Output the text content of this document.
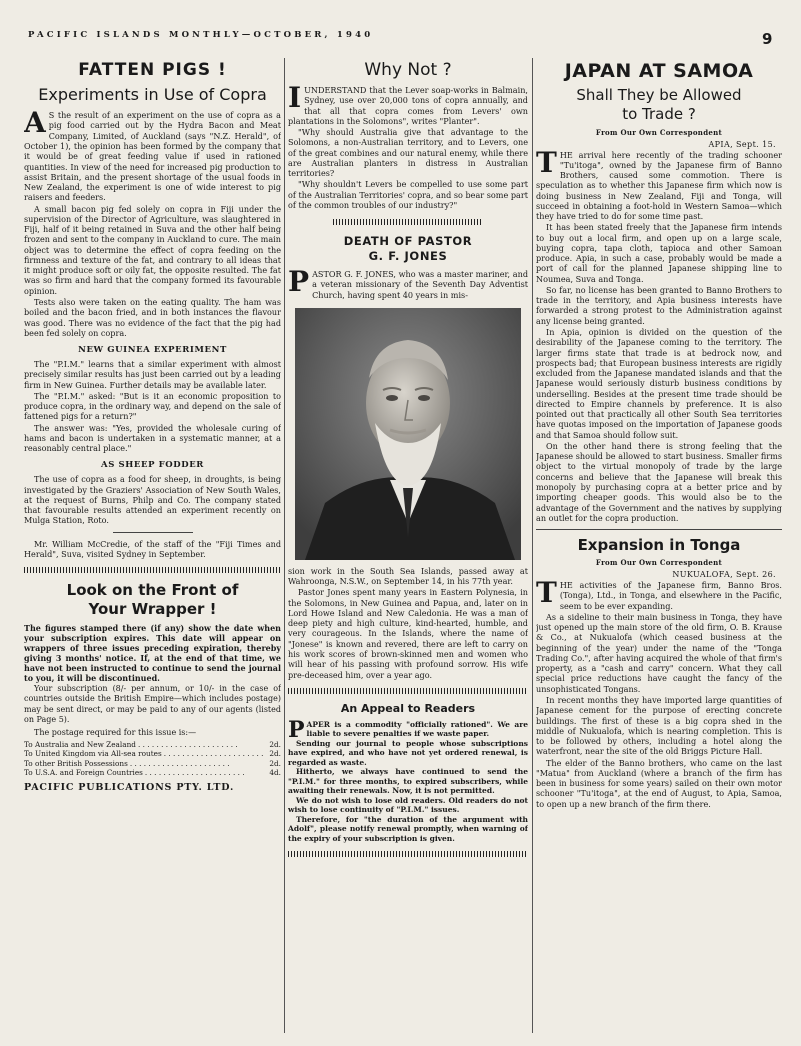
PACIFIC ISLANDS MONTHLY—OCTOBER, 1940	9
FATTEN PIGS !
Experiments in Use of Copra

A S the result of an experiment on the use of copra as a pig food carried out by the Hydra Bacon and Meat Company, Limited, of Auckland (says "N.Z. Herald", of October 1), the opinion has been formed by the company that it would be of great feeding value if used in rationed quantities. In view of the need for increased pig production to assist Britain, and the present shortage of the usual foods in New Zealand, the experiment is one of wide interest to pig raisers and feeders.

A small bacon pig fed solely on copra in Fiji under the supervision of the Director of Agriculture, was slaughtered in Fiji, half of it being retained in Suva and the other half being frozen and sent to the company in Auckland to cure. The main object was to determine the effect of copra feeding on the firmness and texture of the fat, and contrary to all ideas that it might produce soft or oily fat, the opposite resulted. The fat was so firm and hard that the company formed its favourable opinion.

Tests also were taken on the eating quality. The ham was boiled and the bacon fried, and in both instances the flavour was good. There was no evidence of the fact that the pig had been fed solely on copra.

NEW GUINEA EXPERIMENT

The "P.I.M." learns that a similar experiment with almost precisely similar results has just been carried out by a leading firm in New Guinea. Further details may be available later.

The "P.I.M." asked: "But is it an economic proposition to produce copra, in the ordinary way, and depend on the sale of fattened pigs for a return?"

The answer was: "Yes, provided the wholesale curing of hams and bacon is undertaken in a systematic manner, at a reasonably central place."

AS SHEEP FODDER

The use of copra as a food for sheep, in droughts, is being investigated by the Graziers' Association of New South Wales, at the request of Burns, Philp and Co. The company stated that favourable results attended an experiment recently on Mulga Station, Roto.

Mr. William McCredie, of the staff of the "Fiji Times and Herald", Suva, visited Sydney in September.

Look on the Front of
Your Wrapper !

The figures stamped there (if any) show the date when your subscription expires. This date will appear on wrappers of three issues preceding expiration, thereby giving 3 months' notice. If, at the end of that time, we have not been instructed to continue to send the journal to you, it will be discontinued.

Your subscription (8/- per annum, or 10/- in the case of countries outside the British Empire—which includes postage) may be sent direct, or may be paid to any of our agents (listed on Page 5).

The postage required for this issue is:—

To Australia and New Zealand . . . . . . . . . . . . . . . . . . . . . .	2d.
To United Kingdom via All-sea routes . . . . . . . . . . . . . . . . . . . . . . 2d.
To other British Possessions . . . . . . . . . . . . . . . . . . . . . .	2d.
To U.S.A. and Foreign Countries . . . . . . . . . . . . . . . . . . . . . .	4d.
PACIFIC PUBLICATIONS PTY. LTD.
Why Not ?

IUNDERSTAND that the Lever soap-works in Balmain, Sydney, use over 20,000 tons of copra annually, and that all that copra comes from Levers' own plantations in the Solomons", writes "Planter".

"Why should Australia give that advantage to the Solomons, a non-Australian territory, and to Levers, one of the great combines and our natural enemy, while there are Australian planters in distress in Australian territories?

"Why shouldn't Levers be compelled to use some part of the Australian Territories' copra, and so bear some part of the common troubles of our industry?"

DEATH OF PASTOR
G. F. JONES

PASTOR G. F. JONES, who was a master mariner, and a veteran missionary of the Seventh Day Adventist Church, having spent 40 years in mis-

sion work in the South Sea Islands, passed away at Wahroonga, N.S.W., on September 14, in his 77th year.

Pastor Jones spent many years in Eastern Polynesia, in the Solomons, in New Guinea and Papua, and, later on in Lord Howe Island and New Caledonia. He was a man of deep piety and high culture, kind-hearted, humble, and very courageous. In the Islands, where the name of "Jonese" is known and revered, there are left to carry on his work scores of brown-skinned men and women who will hear of his passing with profound sorrow. His wife pre-deceased him, over a year ago.

An Appeal to Readers

PAPER is a commodity "officially rationed". We are liable to severe penalties if we waste paper.

Sending our journal to people whose subscriptions have expired, and who have not yet ordered renewal, is regarded as waste.

Hitherto, we always have continued to send the "P.I.M." for three months, to expired subscribers, while awaiting their renewals. Now, it is not permitted.

We do not wish to lose old readers. Old readers do not wish to lose continuity of "P.I.M." issues.

Therefore, for "the duration of the argument with Adolf", please notify renewal promptly, when warning of the expiry of your subscription is given.

JAPAN AT SAMOA
Shall They be Allowed
to Trade ?
From Our Own Correspondent
APIA, Sept. 15.

THE arrival here recently of the trading schooner "Tu'itoga", owned by the Japanese firm of Banno Brothers, caused some commotion. There is speculation as to whether this Japanese firm which now is doing business in New Zealand, Fiji and Tonga, will succeed in obtaining a foot-hold in Western Samoa—which they have tried to do for some time past.

It has been stated freely that the Japanese firm intends to buy out a local firm, and open up on a large scale, buying copra, tapa cloth, tapioca and other Samoan produce. Apia, in such a case, probably would be made a port of call for the planned Japanese shipping line to Noumea, Suva and Tonga.

So far, no license has been granted to Banno Brothers to trade in the territory, and Apia business interests have forwarded a strong protest to the Administration against any license being granted.

In Apia, opinion is divided on the question of the desirability of the Japanese coming to the territory. The larger firms state that trade is at bedrock now, and prospects bad; that European business interests are rigidly excluded from the Japanese mandated islands and that the Japanese would seriously disturb business conditions by underselling. Besides at the present time trade should be directed to Empire channels by preference. It is also pointed out that practically all other South Sea territories have quotas imposed on the importation of Japanese goods and that Samoa should follow suit.

On the other hand there is strong feeling that the Japanese should be allowed to start business. Smaller firms object to the virtual monopoly of trade by the large concerns and believe that the Japanese will break this monopoly by purchasing copra at a better price and by importing cheaper goods. This would also be to the advantage of the Government and the natives by supplying an outlet for the copra production.

Expansion in Tonga
From Our Own Correspondent
NUKUALOFA, Sept. 26.

THE activities of the Japanese firm, Banno Bros. (Tonga), Ltd., in Tonga, and elsewhere in the Pacific, seem to be ever expanding.

As a sideline to their main business in Tonga, they have just opened up the main store of the old firm, O. B. Krause & Co., at Nukualofa (which ceased business at the beginning of the year) under the name of the "Tonga Trading Co.", after having acquired the whole of that firm's property, as a "cash and carry" concern. What they call special price reductions have caught the fancy of the unsophisticated Tongans.

In recent months they have imported large quantities of Japanese cement for the purpose of erecting concrete buildings. The first of these is a big copra shed in the middle of Nukualofa, which is nearing completion. This is to be followed by others, including a hotel along the waterfront, near the site of the old Briggs Picture Hall.

The elder of the Banno brothers, who came on the last "Matua" from Auckland (where a branch of the firm has been in business for some years) sailed on their own motor schooner "Tu'itoga", at the end of August, to Apia, Samoa, to open up a new branch of the firm there.
